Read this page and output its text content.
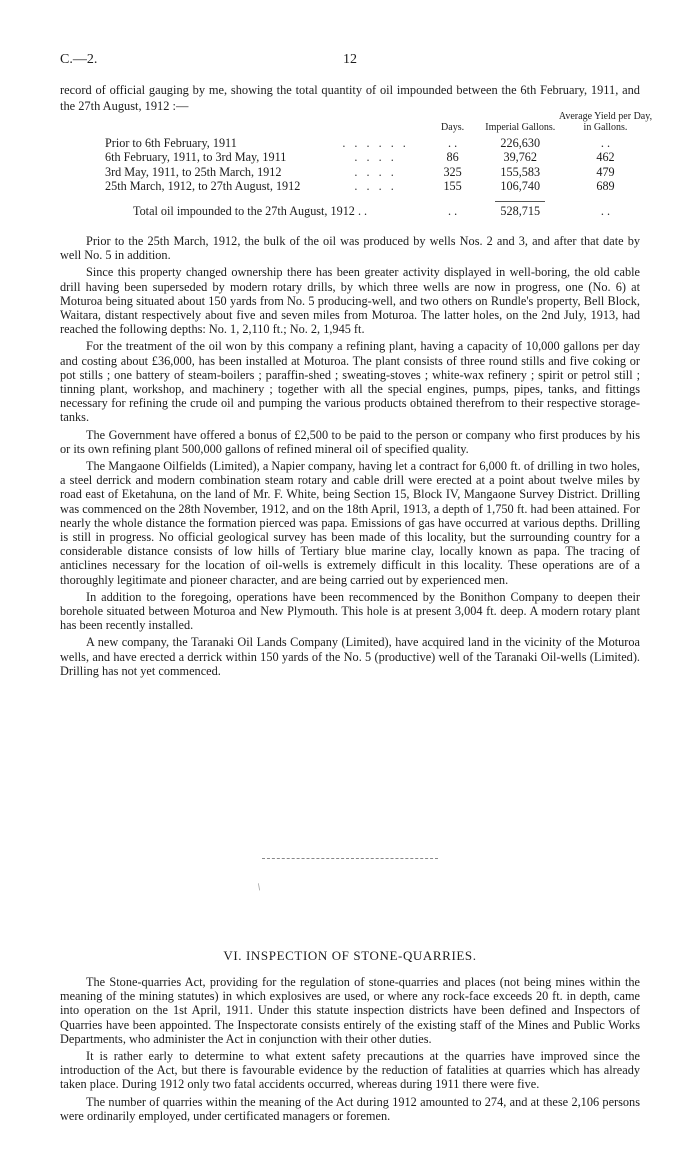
C.—2.	12

record of official gauging by me, showing the total quantity of oil impounded between the 6th February, 1911, and the 27th August, 1912 :—

		Days.	Imperial Gallons.	Average Yield per Day, in Gallons.
Prior to 6th February, 1911	. . . . . .	. .	226,630	. .
6th February, 1911, to 3rd May, 1911	. . . .	86	39,762	462
3rd May, 1911, to 25th March, 1912	. . . .	325	155,583	479
25th March, 1912, to 27th August, 1912	. . . .	155	106,740	689

Total oil impounded to the 27th August, 1912 . .		. .	528,715	. .

Prior to the 25th March, 1912, the bulk of the oil was produced by wells Nos. 2 and 3, and after that date by well No. 5 in addition.

Since this property changed ownership there has been greater activity displayed in well-boring, the old cable drill having been superseded by modern rotary drills, by which three wells are now in progress, one (No. 6) at Moturoa being situated about 150 yards from No. 5 producing-well, and two others on Rundle's property, Bell Block, Waitara, distant respectively about five and seven miles from Moturoa. The latter holes, on the 2nd July, 1913, had reached the following depths: No. 1, 2,110 ft.; No. 2, 1,945 ft.

For the treatment of the oil won by this company a refining plant, having a capacity of 10,000 gallons per day and costing about £36,000, has been installed at Moturoa. The plant consists of three round stills and five coking or pot stills ; one battery of steam-boilers ; paraffin-shed ; sweating-stoves ; white-wax refinery ; spirit or petrol still ; tinning plant, workshop, and machinery ; together with all the special engines, pumps, pipes, tanks, and fittings necessary for refining the crude oil and pumping the various products obtained therefrom to their respective storage-tanks.

The Government have offered a bonus of £2,500 to be paid to the person or company who first produces by his or its own refining plant 500,000 gallons of refined mineral oil of specified quality.

The Mangaone Oilfields (Limited), a Napier company, having let a contract for 6,000 ft. of drilling in two holes, a steel derrick and modern combination steam rotary and cable drill were erected at a point about twelve miles by road east of Eketahuna, on the land of Mr. F. White, being Section 15, Block IV, Mangaone Survey District. Drilling was commenced on the 28th November, 1912, and on the 18th April, 1913, a depth of 1,750 ft. had been attained. For nearly the whole distance the formation pierced was papa. Emissions of gas have occurred at various depths. Drilling is still in progress. No official geological survey has been made of this locality, but the surrounding country for a considerable distance consists of low hills of Tertiary blue marine clay, locally known as papa. The tracing of anticlines necessary for the location of oil-wells is extremely difficult in this locality. These operations are of a thoroughly legitimate and pioneer character, and are being carried out by experienced men.

In addition to the foregoing, operations have been recommenced by the Bonithon Company to deepen their borehole situated between Moturoa and New Plymouth. This hole is at present 3,004 ft. deep. A modern rotary plant has been recently installed.

A new company, the Taranaki Oil Lands Company (Limited), have acquired land in the vicinity of the Moturoa wells, and have erected a derrick within 150 yards of the No. 5 (productive) well of the Taranaki Oil-wells (Limited). Drilling has not yet commenced.

/
VI. INSPECTION OF STONE-QUARRIES.

The Stone-quarries Act, providing for the regulation of stone-quarries and places (not being mines within the meaning of the mining statutes) in which explosives are used, or where any rock-face exceeds 20 ft. in depth, came into operation on the 1st April, 1911. Under this statute inspection districts have been defined and Inspectors of Quarries have been appointed. The Inspectorate consists entirely of the existing staff of the Mines and Public Works Departments, who administer the Act in conjunction with their other duties.

It is rather early to determine to what extent safety precautions at the quarries have improved since the introduction of the Act, but there is favourable evidence by the reduction of fatalities at quarries which has already taken place. During 1912 only two fatal accidents occurred, whereas during 1911 there were five.

The number of quarries within the meaning of the Act during 1912 amounted to 274, and at these 2,106 persons were ordinarily employed, under certificated managers or foremen.
